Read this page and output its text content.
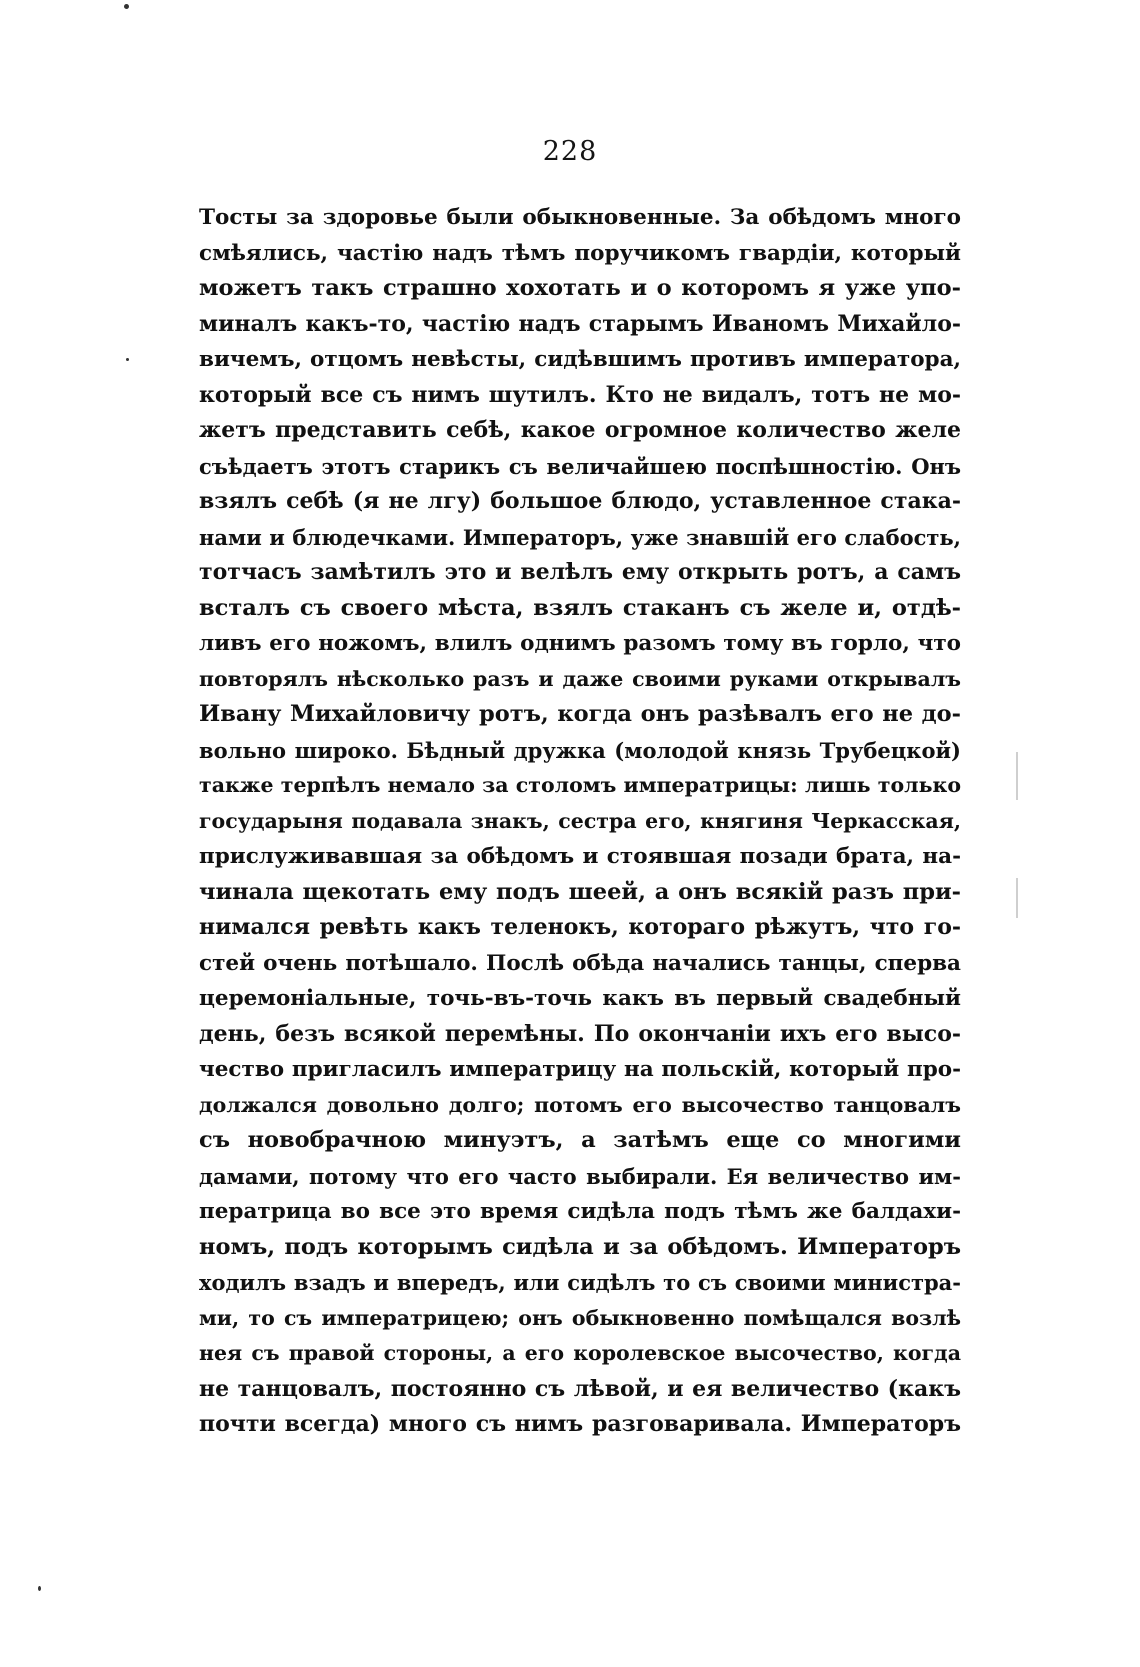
228
Тосты за здоровье были обыкновенные. За обѣдомъ много
смѣялись, частію надъ тѣмъ поручикомъ гвардіи, который
можетъ такъ страшно хохотать и о которомъ я уже упо-
миналъ какъ-то, частію надъ старымъ Иваномъ Михайло-
вичемъ, отцомъ невѣсты, сидѣвшимъ противъ императора,
который все съ нимъ шутилъ. Кто не видалъ, тотъ не мо-
жетъ представить себѣ, какое огромное количество желе
съѣдаетъ этотъ старикъ съ величайшею поспѣшностію. Онъ
взялъ себѣ (я не лгу) большое блюдо, уставленное стака-
нами и блюдечками. Императоръ, уже знавшій его слабость,
тотчасъ замѣтилъ это и велѣлъ ему открыть ротъ, а самъ
всталъ съ своего мѣста, взялъ стаканъ съ желе и, отдѣ-
ливъ его ножомъ, влилъ однимъ разомъ тому въ горло, что
повторялъ нѣсколько разъ и даже своими руками открывалъ
Ивану Михайловичу ротъ, когда онъ разѣвалъ его не до-
вольно широко. Бѣдный дружка (молодой князь Трубецкой)
также терпѣлъ немало за столомъ императрицы: лишь только
государыня подавала знакъ, сестра его, княгиня Черкасская,
прислуживавшая за обѣдомъ и стоявшая позади брата, на-
чинала щекотать ему подъ шеей, а онъ всякій разъ при-
нимался ревѣть какъ теленокъ, котораго рѣжутъ, что го-
стей очень потѣшало. Послѣ обѣда начались танцы, сперва
церемоніальные, точь-въ-точь какъ въ первый свадебный
день, безъ всякой перемѣны. По окончаніи ихъ его высо-
чество пригласилъ императрицу на польскій, который про-
должался довольно долго; потомъ его высочество танцовалъ
съ новобрачною минуэтъ, а затѣмъ еще со многими
дамами, потому что его часто выбирали. Ея величество им-
ператрица во все это время сидѣла подъ тѣмъ же балдахи-
номъ, подъ которымъ сидѣла и за обѣдомъ. Императоръ
ходилъ взадъ и впередъ, или сидѣлъ то съ своими министра-
ми, то съ императрицею; онъ обыкновенно помѣщался возлѣ
нея съ правой стороны, а его королевское высочество, когда
не танцовалъ, постоянно съ лѣвой, и ея величество (какъ
почти всегда) много съ нимъ разговаривала. Императоръ
